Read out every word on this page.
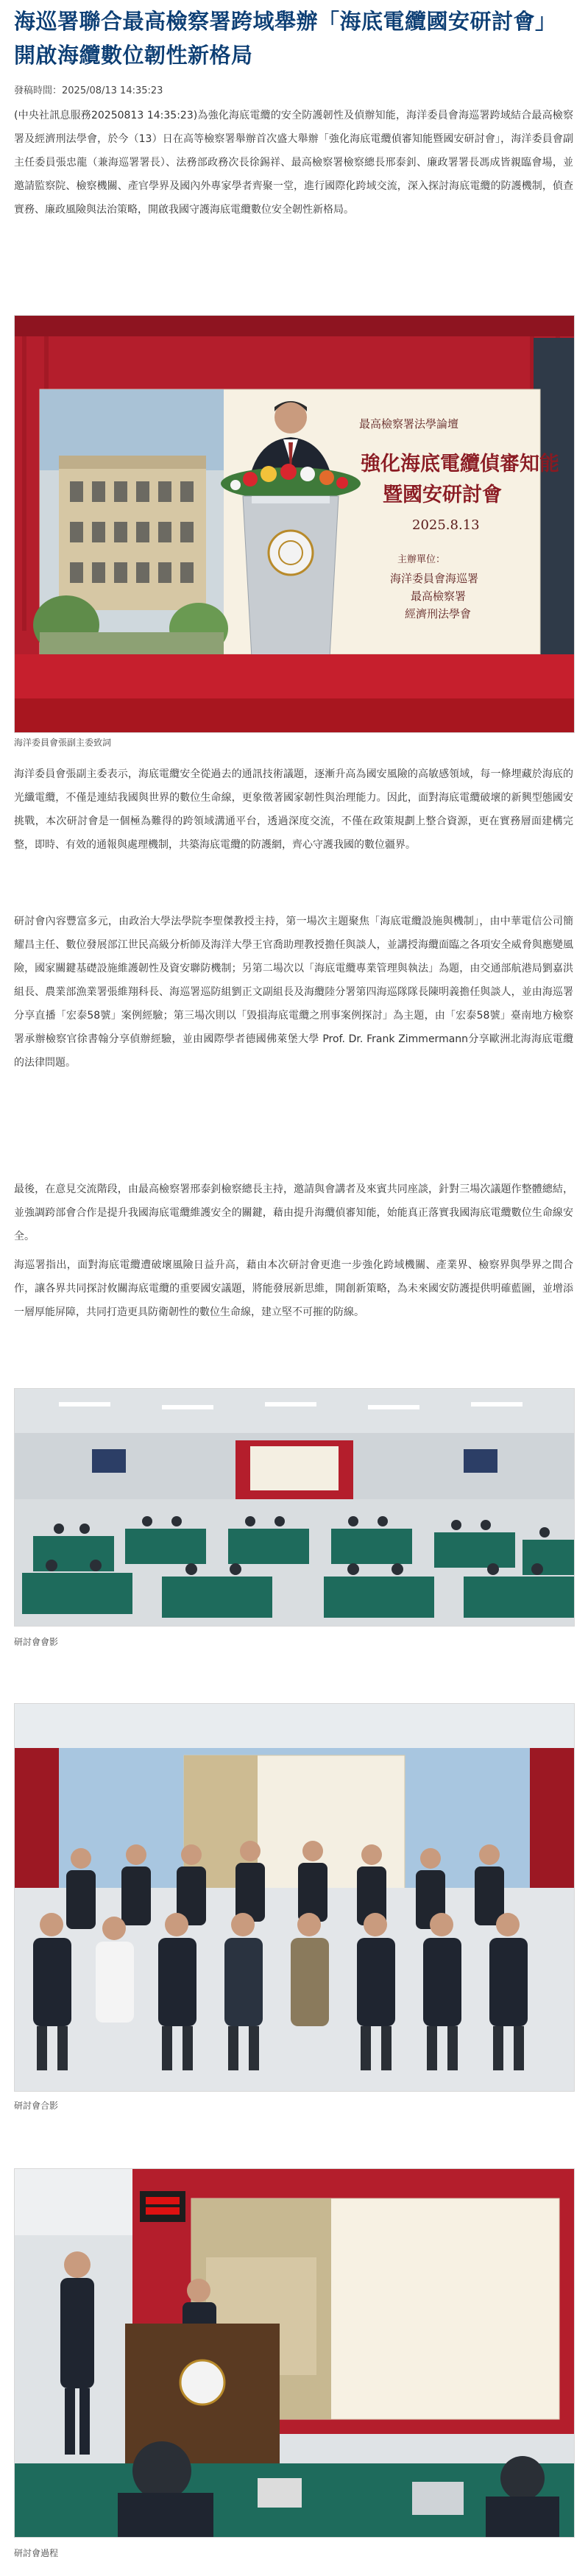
海巡署聯合最高檢察署跨域舉辦「海底電纜國安研討會」開啟海纜數位韌性新格局
發稿時間：2025/08/13 14:35:23

(中央社訊息服務20250813 14:35:23)為強化海底電纜的安全防護韌性及偵辦知能，海洋委員會海巡署跨域結合最高檢察署及經濟刑法學會，於今（13）日在高等檢察署舉辦首次盛大舉辦「強化海底電纜偵審知能暨國安研討會」，海洋委員會副主任委員張忠龍（兼海巡署署長）、法務部政務次長徐錫祥、最高檢察署檢察總長邢泰釗、廉政署署長馮成皆親臨會場，並邀請監察院、檢察機關、產官學界及國內外專家學者齊聚一堂，進行國際化跨域交流，深入探討海底電纜的防護機制，偵查實務、廉政風險與法治策略，開啟我國守護海底電纜數位安全韌性新格局。

最高檢察署法學論壇
強化海底電纜偵審知能
暨國安研討會
2025.8.13
主辦單位：
海洋委員會海巡署
最高檢察署
經濟刑法學會
海洋委員會張副主委致詞

海洋委員會張副主委表示，海底電纜安全從過去的通訊技術議題，逐漸升高為國安風險的高敏感領域，每一條埋藏於海底的光纖電纜，不僅是連結我國與世界的數位生命線，更象徵著國家韌性與治理能力。因此，面對海底電纜破壞的新興型態國安挑戰，本次研討會是一個極為難得的跨領域溝通平台，透過深度交流，不僅在政策規劃上整合資源，更在實務層面建構完整，即時、有效的通報與處理機制，共築海底電纜的防護網，齊心守護我國的數位疆界。

研討會內容豐富多元，由政治大學法學院李聖傑教授主持，第一場次主題聚焦「海底電纜設施與機制」，由中華電信公司簡耀昌主任、數位發展部江世民高級分析師及海洋大學王官喬助理教授擔任與談人，並講授海纜面臨之各項安全威脅與應變風險，國家關鍵基礎設施維護韌性及資安聯防機制；另第二場次以「海底電纜專業管理與執法」為題，由交通部航港局劉嘉洪組長、農業部漁業署張維翔科長、海巡署巡防組劉正文副組長及海纜陸分署第四海巡隊隊長陳明義擔任與談人，並由海巡署分享直播「宏泰58號」案例經驗；第三場次則以「毀損海底電纜之刑事案例探討」為主題，由「宏泰58號」臺南地方檢察署承辦檢察官徐書翰分享偵辦經驗，並由國際學者德國佛萊堡大學 Prof. Dr. Frank Zimmermann分享歐洲北海海底電纜的法律問題。

最後，在意見交流階段，由最高檢察署邢泰釗檢察總長主持，邀請與會講者及來賓共同座談，針對三場次議題作整體總結，並強調跨部會合作是提升我國海底電纜維護安全的關鍵，藉由提升海纜偵審知能，始能真正落實我國海底電纜數位生命線安全。

海巡署指出，面對海底電纜遭破壞風險日益升高，藉由本次研討會更進一步強化跨域機關、產業界、檢察界與學界之間合作，讓各界共同探討攸關海底電纜的重要國安議題，將能發展新思維，開創新策略，為未來國安防護提供明確藍圖，並增添一層厚能屏障，共同打造更具防衛韌性的數位生命線，建立堅不可摧的防線。

研討會會影
研討會合影
研討會過程
